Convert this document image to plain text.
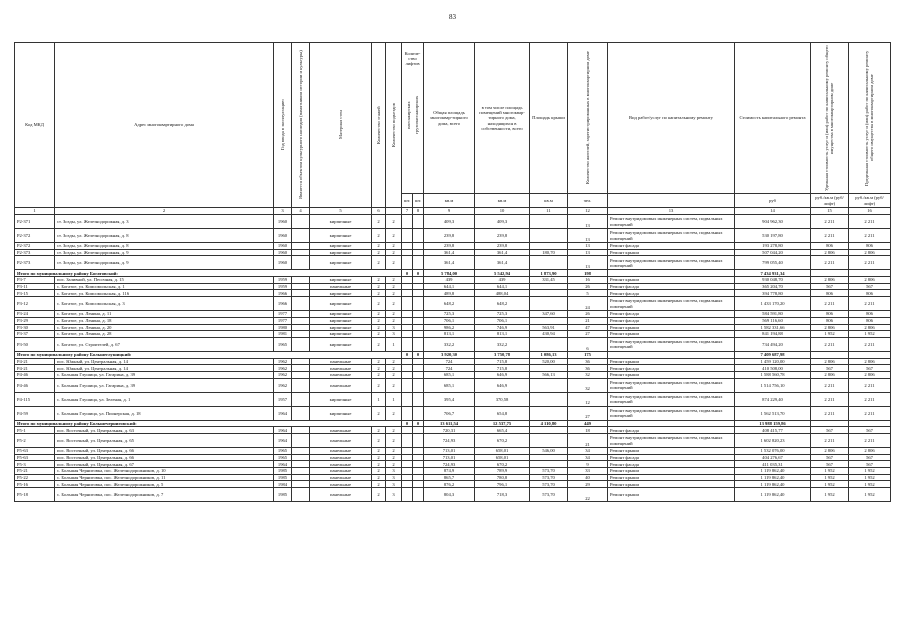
83
Код МКД	Адрес многоквартирного дома	Год ввода в эксплуатацию	Является объектом культурного наследия (памятником истории и культуры)	Материал стен	Количество этажей	Количество подъездов	Количе-ство лифтов
пассажирских грузопассажирских		Общая площадь многоквар-тирного дома, всего	в том числе площадь помещений многоквар-тирного дома, находящихся в собственности, всего	Площадь крыши	Количество жителей, зарегистрированных в многоквартирном доме	Вид работ/услуг по капитальному ремонту	Стоимость капитального ремонта	Удельная стоимость услуг и (или) работ по капитальному ремонту общего имущества в многоквартирном доме	Предельная стоимость услуг и (или) работ по капитальному ремонту общего имущества в многоквартирном доме

							шт.	шт.	кв.м	кв.м	кв.м	чел.		руб	руб./кв.м (руб/лифт)	руб./кв.м (руб/лифт)
1	2	3	4	5	6		7	8	9	10	11	12	13	14	15	16
Р2-371	ст. Зозды, ул. Железнодорожная, д. 3	1960		кирпичные	2	2			409,3	409,3		13	Ремонт внутридомовых инженерных систем, подвальных помещений	904 962,30	2 211	2 211
Р2-372	ст. Зозды, ул. Железнодорожная, д. 8	1960		кирпичные	2	2			239,8	239,8		13	Ремонт внутридомовых инженерных систем, подвальных помещений	530 197,80	2 211	2 211
Р2-372	ст. Зозды, ул. Железнодорожная, д. 8	1960		кирпичные	2	2			239,8	239,8		13	Ремонт фасада	193 278,80	806	806
Р2-373	ст. Зозды, ул. Железнодорожная, д. 9	1960		кирпичные	2	2			361,4	361,4	180,70	13	Ремонт крыши	507 044,20	2 806	2 806
Р2-373	ст. Зозды, ул. Железнодорожная, д. 9	1960		кирпичные	2	2			361,4	361,4		13	Ремонт внутридомовых инженерных систем, подвальных помещений	799 055,40	2 211	2 211
Итого по муниципальному району Богатовский:							0	0	5 784,00	5 542,94	1 873,90	198		7 434 931,34		
Р3-7	пос. Заливной, ул. Песочная, д. 15	1959		кирпичные	2	2			439	439	331,45	16	Ремонт крыши	930 048,70	2 806	2 806
Р3-11	с. Богатое, ул. Комсомольская, д. 1	1959		панельные	2	2			644,1	644,1		26	Ремонт фасада	365 204,70	567	567
Р3-15	с. Богатое, ул. Комсомольская, д. 116	1966		кирпичные	2	2			489,8	488,04		5	Ремонт фасада	394 778,80	806	806
Р3-12	с. Богатое, ул. Комсомольская, д. 3	1966		кирпичные	2	2			648,2	648,2		24	Ремонт внутридомовых инженерных систем, подвальных помещений	1 433 170,20	2 211	2 211
Р3-24	с. Богатое, ул. Ленина, д. 11	1977		кирпичные	2	2			725,3	725,3	347,60	26	Ремонт фасада	584 591,80	806	806
Р3-29	с. Богатое, ул. Ленина, д. 18	1977		кирпичные	2	2			706,1	706,1		21	Ремонт фасада	569 116,60	806	806
Р3-30	с. Богатое, ул. Ленина, д. 20	1980		кирпичные	2	3			986,2	746,9	563,91	47	Ремонт крыши	1 582 331,66	2 806	2 806
Р3-37	с. Богатое, ул. Ленина, д. 28	1981		кирпичные	2	3			813,1	813,1	430,94	27	Ремонт крыши	841 194,88	1 952	1 952
Р3-50	с. Богатое, ул. Строителей, д. 67	1965		кирпичные	2	1			332,2	332,2		6	Ремонт внутридомовых инженерных систем, подвальных помещений	734 494,20	2 211	2 211
Итого по муниципальному району Большеглушицкий:							0	0	3 920,30	3 750,78	1 086,13	175		7 409 687,98		
Р4-21	пос. Южный, ул. Центральная, д. 14	1962		панельные	2	2			724	715,8	520,00	36	Ремонт крыши	1 459 120,00	2 806	2 806
Р4-21	пос. Южный, ул. Центральная, д. 14	1962		панельные	2	2			724	715,8		36	Ремонт фасада	410 508,00	567	567
Р4-46	с. Большая Глушица, ул. Гагарина, д. 39	1962		панельные	2	2			685,1	646,9	566,13	32	Ремонт крыши	1 588 560,78	2 806	2 806
Р4-46	с. Большая Глушица, ул. Гагарина, д. 39	1962		панельные	2	2			685,1	646,9		32	Ремонт внутридомовых инженерных систем, подвальных помещений	1 514 756,10	2 211	2 211
Р4-115	с. Большая Глушица, ул. Зеленая, д. 1	1957		кирпичные	1	1			395,4	370,58		12	Ремонт внутридомовых инженерных систем, подвальных помещений	874 229,40	2 211	2 211
Р4-59	с. Большая Глушица, ул. Пионерская, д. 18	1964		кирпичные	2	2			706,7	654,8		27	Ремонт внутридомовых инженерных систем, подвальных помещений	1 562 513,70	2 211	2 211
Итого по муниципальному району Большечерниговский:							0	0	13 611,54	12 537,75	4 110,80	449		13 988 159,86		
Р5-1	пос. Восточный, ул. Центральная, д. 63	1964		панельные	2	2			720,31	665,4		18	Ремонт фасада	408 415,77	567	567
Р5-2	пос. Восточный, ул. Центральная, д. 65	1964		панельные	2	2			724,93	670,2		21	Ремонт внутридомовых инженерных систем, подвальных помещений	1 602 820,23	2 211	2 211
Р5-63	пос. Восточный, ул. Центральная, д. 66	1965		панельные	2	2			713,01	658,01	546,00	34	Ремонт крыши	1 532 076,00	2 806	2 806
Р5-63	пос. Восточный, ул. Центральная, д. 66	1965		панельные	2	2			713,01	658,01		34	Ремонт фасада	404 276,67	567	567
Р5-3	пос. Восточный, ул. Центральная, д. 67	1964		панельные	2	2			724,93	670,2		9	Ремонт фасада	411 035,31	567	567
Р5-21	с. Большая Черниговка, пос. Железнодорожников, д. 10	1985		панельные	2	3			874,9	789,9	573,70	33	Ремонт крыши	1 119 862,40	1 952	1 952
Р5-22	с. Большая Черниговка, пос. Железнодорожников, д. 11	1985		панельные	2	3			865,7	780,8	573,70	40	Ремонт крыши	1 119 862,40	1 952	1 952
Р5-16	с. Большая Черниговка, пос. Железнодорожников, д. 5	1984		панельные	2	3			876,2	796,1	573,70	29	Ремонт крыши	1 119 862,40	1 952	1 952
Р5-18	с. Большая Черниговка, пос. Железнодорожников, д. 7	1985		панельные	2	3			804,3	718,3	573,70	22	Ремонт крыши	1 119 862,40	1 952	1 952
